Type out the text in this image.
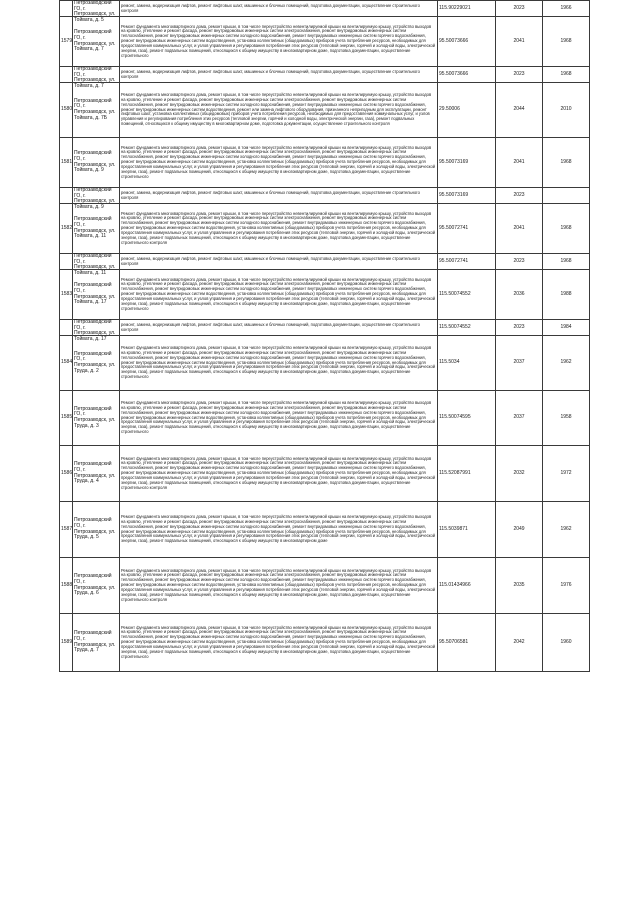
	Петрозаводский ГО, г. Петрозаводск, ул. Тойвата, д. 5	ремонт, замена, модернизация лифтов, ремонт лифтовых шахт, машинных и блочных помещений, подготовка документации, осуществление строительного контроля	115.90229021	2023	1966

1579	Петрозаводский ГО, г. Петрозаводск, ул. Тойвата, д. 7	Ремонт фундамента многоквартирного дома, ремонт крыши, в том числе переустройство невентилируемой крыши на вентилируемую крышу, устройство выходов на кровлю, утепление и ремонт фасада, ремонт внутридомовых инженерных систем электроснабжения, ремонт внутридомовых инженерных систем теплоснабжения, ремонт внутридомовых инженерных систем холодного водоснабжения, ремонт внутридомовых инженерных систем горячего водоснабжения, ремонт внутридомовых инженерных систем водоотведения, установка коллективных (общедомовых) приборов учета потребления ресурсов, необходимых для предоставления коммунальных услуг, и узлов управления и регулирования потребления этих ресурсов (тепловой энергии, горячей и холодной воды, электрической энергии, газа), ремонт подвальных помещений, относящихся к общему имуществу в многоквартирном доме, подготовка документации, осуществление строительного	95.50073666	2041	1968

	Петрозаводский ГО, г. Петрозаводск, ул. Тойвата, д. 7	ремонт, замена, модернизация лифтов, ремонт лифтовых шахт, машинных и блочных помещений, подготовка документации, осуществление строительного контроля	95.50073666	2023	1968

1580	Петрозаводский ГО, г. Петрозаводск, ул. Тойвата, д. 7Б	Ремонт фундамента многоквартирного дома, ремонт крыши, в том числе переустройство невентилируемой крыши на вентилируемую крышу, устройство выходов на кровлю, утепление и ремонт фасада, ремонт внутридомовых инженерных систем электроснабжения, ремонт внутридомовых инженерных систем теплоснабжения, ремонт внутридомовых инженерных систем холодного водоснабжения, ремонт внутридомовых инженерных систем горячего водоснабжения, ремонт внутридомовых инженерных систем водоотведения, ремонт или замена лифтового оборудования, признанного непригодным для эксплуатации, ремонт лифтовых шахт, установка коллективных (общедомовых) приборов учета потребления ресурсов, необходимых для предоставления коммунальных услуг, и узлов управления и регулирования потребления этих ресурсов (тепловой энергии, горячей и холодной воды, электрической энергии, газа), ремонт подвальных помещений, относящихся к общему имуществу в многоквартирном доме, подготовка документации, осуществление строительного контроля	29.50006	2044	2010

1581	Петрозаводский ГО, г. Петрозаводск, ул. Тойвата, д. 9	Ремонт фундамента многоквартирного дома, ремонт крыши, в том числе переустройство невентилируемой крыши на вентилируемую крышу, устройство выходов на кровлю, утепление и ремонт фасада, ремонт внутридомовых инженерных систем электроснабжения, ремонт внутридомовых инженерных систем теплоснабжения, ремонт внутридомовых инженерных систем холодного водоснабжения, ремонт внутридомовых инженерных систем горячего водоснабжения, ремонт внутридомовых инженерных систем водоотведения, установка коллективных (общедомовых) приборов учета потребления ресурсов, необходимых для предоставления коммунальных услуг, и узлов управления и регулирования потребления этих ресурсов (тепловой энергии, горячей и холодной воды, электрической энергии, газа), ремонт подвальных помещений, относящихся к общему имуществу в многоквартирном доме, подготовка документации, осуществление строительного	95.50073169	2041	1968

	Петрозаводский ГО, г. Петрозаводск, ул. Тойвата, д. 9	ремонт, замена, модернизация лифтов, ремонт лифтовых шахт, машинных и блочных помещений, подготовка документации, осуществление строительного контроля	95.50073169	2023	

1582	Петрозаводский ГО, г. Петрозаводск, ул. Тойвата, д. 11	Ремонт фундамента многоквартирного дома, ремонт крыши, в том числе переустройство невентилируемой крыши на вентилируемую крышу, устройство выходов на кровлю, утепление и ремонт фасада, ремонт внутридомовых инженерных систем электроснабжения, ремонт внутридомовых инженерных систем теплоснабжения, ремонт внутридомовых инженерных систем холодного водоснабжения, ремонт внутридомовых инженерных систем горячего водоснабжения, ремонт внутридомовых инженерных систем водоотведения, установка коллективных (общедомовых) приборов учета потребления ресурсов, необходимых для предоставления коммунальных услуг, и узлов управления и регулирования потребления этих ресурсов (тепловой энергии, горячей и холодной воды, электрической энергии, газа), ремонт подвальных помещений, относящихся к общему имуществу в многоквартирном доме, подготовка документации, осуществление строительного контроля	95.50072741	2041	1968

	Петрозаводский ГО, г. Петрозаводск, ул. Тойвата, д. 11	ремонт, замена, модернизация лифтов, ремонт лифтовых шахт, машинных и блочных помещений, подготовка документации, осуществление строительного контроля	95.50072741	2023	1968

1583	Петрозаводский ГО, г. Петрозаводск, ул. Тойвата, д. 17	Ремонт фундамента многоквартирного дома, ремонт крыши, в том числе переустройство невентилируемой крыши на вентилируемую крышу, устройство выходов на кровлю, утепление и ремонт фасада, ремонт внутридомовых инженерных систем электроснабжения, ремонт внутридомовых инженерных систем теплоснабжения, ремонт внутридомовых инженерных систем холодного водоснабжения, ремонт внутридомовых инженерных систем горячего водоснабжения, ремонт внутридомовых инженерных систем водоотведения, установка коллективных (общедомовых) приборов учета потребления ресурсов, необходимых для предоставления коммунальных услуг, и узлов управления и регулирования потребления этих ресурсов (тепловой энергии, горячей и холодной воды, электрической энергии, газа), ремонт подвальных помещений, относящихся к общему имуществу в многоквартирном доме, подготовка документации, осуществление строительного	115.50074552	2036	1988

	Петрозаводский ГО, г. Петрозаводск, ул. Тойвата, д. 17	ремонт, замена, модернизация лифтов, ремонт лифтовых шахт, машинных и блочных помещений, подготовка документации, осуществление строительного контроля	115.50074552	2023	1984

1584	Петрозаводский ГО, г. Петрозаводск, ул. Труда, д. 2	Ремонт фундамента многоквартирного дома, ремонт крыши, в том числе переустройство невентилируемой крыши на вентилируемую крышу, устройство выходов на кровлю, утепление и ремонт фасада, ремонт внутридомовых инженерных систем электроснабжения, ремонт внутридомовых инженерных систем теплоснабжения, ремонт внутридомовых инженерных систем холодного водоснабжения, ремонт внутридомовых инженерных систем горячего водоснабжения, ремонт внутридомовых инженерных систем водоотведения, установка коллективных (общедомовых) приборов учета потребления ресурсов, необходимых для предоставления коммунальных услуг, и узлов управления и регулирования потребления этих ресурсов (тепловой энергии, горячей и холодной воды, электрической энергии, газа), ремонт подвальных помещений, относящихся к общему имуществу в многоквартирном доме, подготовка документации, осуществление строительного	115.5034	2037	1962

1585	Петрозаводский ГО, г. Петрозаводск, ул. Труда, д. 3	Ремонт фундамента многоквартирного дома, ремонт крыши, в том числе переустройство невентилируемой крыши на вентилируемую крышу, устройство выходов на кровлю, утепление и ремонт фасада, ремонт внутридомовых инженерных систем электроснабжения, ремонт внутридомовых инженерных систем теплоснабжения, ремонт внутридомовых инженерных систем холодного водоснабжения, ремонт внутридомовых инженерных систем горячего водоснабжения, ремонт внутридомовых инженерных систем водоотведения, установка коллективных (общедомовых) приборов учета потребления ресурсов, необходимых для предоставления коммунальных услуг, и узлов управления и регулирования потребления этих ресурсов (тепловой энергии, горячей и холодной воды, электрической энергии, газа), ремонт подвальных помещений, относящихся к общему имуществу в многоквартирном доме, подготовка документации, осуществление строительного	115.50074595	2037	1958

1586	Петрозаводский ГО, г. Петрозаводск, ул. Труда, д. 4	Ремонт фундамента многоквартирного дома, ремонт крыши, в том числе переустройство невентилируемой крыши на вентилируемую крышу, устройство выходов на кровлю, утепление и ремонт фасада, ремонт внутридомовых инженерных систем электроснабжения, ремонт внутридомовых инженерных систем теплоснабжения, ремонт внутридомовых инженерных систем холодного водоснабжения, ремонт внутридомовых инженерных систем горячего водоснабжения, ремонт внутридомовых инженерных систем водоотведения, установка коллективных (общедомовых) приборов учета потребления ресурсов, необходимых для предоставления коммунальных услуг, и узлов управления и регулирования потребления этих ресурсов (тепловой энергии, горячей и холодной воды, электрической энергии, газа), ремонт подвальных помещений, относящихся к общему имуществу в многоквартирном доме, подготовка документации, осуществление строительного контроля	115.52087991	2032	1972

1587	Петрозаводский ГО, г. Петрозаводск, ул. Труда, д. 5	Ремонт фундамента многоквартирного дома, ремонт крыши, в том числе переустройство невентилируемой крыши на вентилируемую крышу, устройство выходов на кровлю, утепление и ремонт фасада, ремонт внутридомовых инженерных систем электроснабжения, ремонт внутридомовых инженерных систем теплоснабжения, ремонт внутридомовых инженерных систем холодного водоснабжения, ремонт внутридомовых инженерных систем горячего водоснабжения, ремонт внутридомовых инженерных систем водоотведения, установка коллективных (общедомовых) приборов учета потребления ресурсов, необходимых для предоставления коммунальных услуг, и узлов управления и регулирования потребления этих ресурсов (тепловой энергии, горячей и холодной воды, электрической энергии, газа), ремонт подвальных помещений, относящихся к общему имуществу в многоквартирном доме	115.5039871	2049	1962

1588	Петрозаводский ГО, г. Петрозаводск, ул. Труда, д. 6	Ремонт фундамента многоквартирного дома, ремонт крыши, в том числе переустройство невентилируемой крыши на вентилируемую крышу, устройство выходов на кровлю, утепление и ремонт фасада, ремонт внутридомовых инженерных систем электроснабжения, ремонт внутридомовых инженерных систем теплоснабжения, ремонт внутридомовых инженерных систем холодного водоснабжения, ремонт внутридомовых инженерных систем горячего водоснабжения, ремонт внутридомовых инженерных систем водоотведения, установка коллективных (общедомовых) приборов учета потребления ресурсов, необходимых для предоставления коммунальных услуг, и узлов управления и регулирования потребления этих ресурсов (тепловой энергии, горячей и холодной воды, электрической энергии, газа), ремонт подвальных помещений, относящихся к общему имуществу в многоквартирном доме, подготовка документации, осуществление строительного контроля	115.01434966	2035	1976

1589	Петрозаводский ГО, г. Петрозаводск, ул. Труда, д. 7	Ремонт фундамента многоквартирного дома, ремонт крыши, в том числе переустройство невентилируемой крыши на вентилируемую крышу, устройство выходов на кровлю, утепление и ремонт фасада, ремонт внутридомовых инженерных систем электроснабжения, ремонт внутридомовых инженерных систем теплоснабжения, ремонт внутридомовых инженерных систем холодного водоснабжения, ремонт внутридомовых инженерных систем горячего водоснабжения, ремонт внутридомовых инженерных систем водоотведения, установка коллективных (общедомовых) приборов учета потребления ресурсов, необходимых для предоставления коммунальных услуг, и узлов управления и регулирования потребления этих ресурсов (тепловой энергии, горячей и холодной воды, электрической энергии, газа), ремонт подвальных помещений, относящихся к общему имуществу в многоквартирном доме, подготовка документации, осуществление строительного	95.50706581	2042	1960
